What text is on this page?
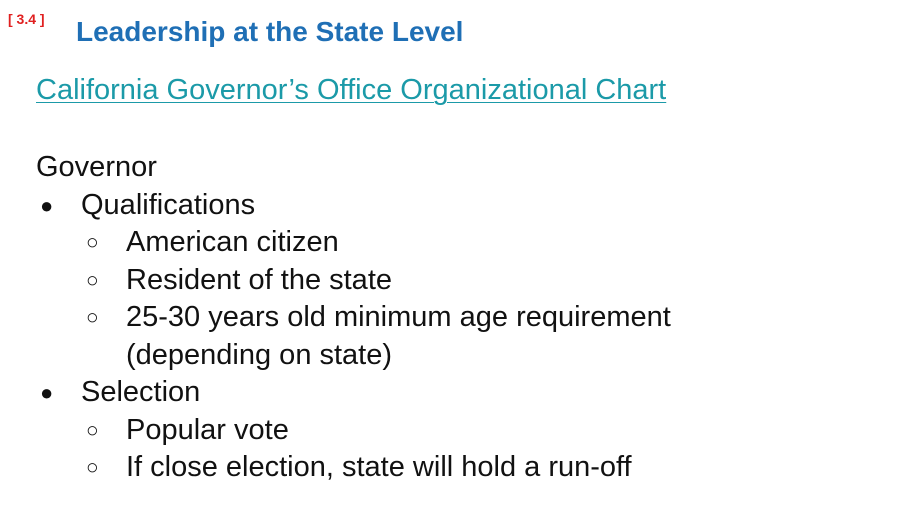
[ 3.4 ] Leadership at the State Level
California Governor’s Office Organizational Chart
Governor
● Qualifications
○ American citizen
○ Resident of the state
○ 25-30 years old minimum age requirement
(depending on state)
● Selection
○ Popular vote
○ If close election, state will hold a run-off
